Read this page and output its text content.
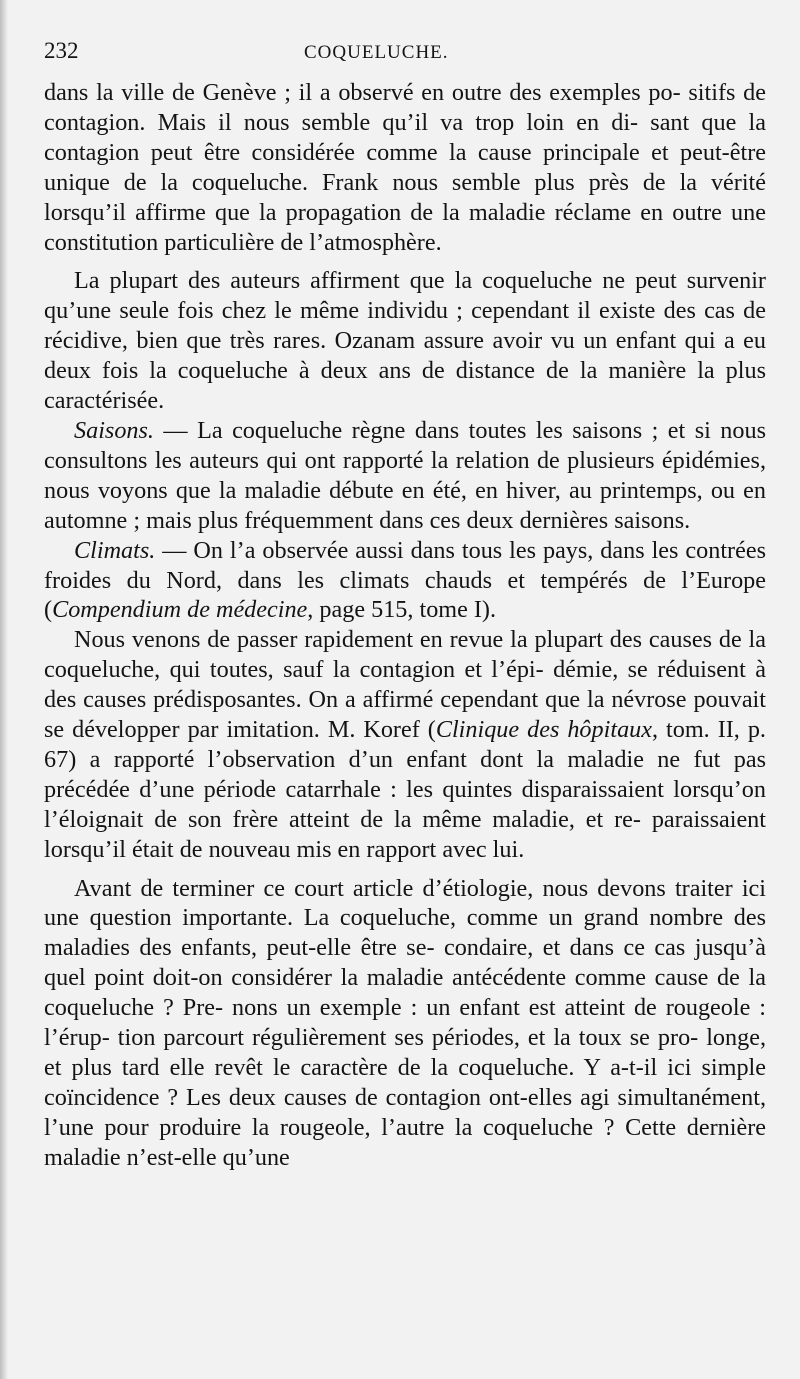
232	COQUELUCHE.

dans la ville de Genève ; il a observé en outre des exemples po- sitifs de contagion. Mais il nous semble qu’il va trop loin en di- sant que la contagion peut être considérée comme la cause principale et peut-être unique de la coqueluche. Frank nous semble plus près de la vérité lorsqu’il affirme que la propagation de la maladie réclame en outre une constitution particulière de l’atmosphère.

La plupart des auteurs affirment que la coqueluche ne peut survenir qu’une seule fois chez le même individu ; cependant il existe des cas de récidive, bien que très rares. Ozanam assure avoir vu un enfant qui a eu deux fois la coqueluche à deux ans de distance de la manière la plus caractérisée.

Saisons. — La coqueluche règne dans toutes les saisons ; et si nous consultons les auteurs qui ont rapporté la relation de plusieurs épidémies, nous voyons que la maladie débute en été, en hiver, au printemps, ou en automne ; mais plus fréquemment dans ces deux dernières saisons.

Climats. — On l’a observée aussi dans tous les pays, dans les contrées froides du Nord, dans les climats chauds et tempérés de l’Europe (Compendium de médecine, page 515, tome I).

Nous venons de passer rapidement en revue la plupart des causes de la coqueluche, qui toutes, sauf la contagion et l’épi- démie, se réduisent à des causes prédisposantes. On a affirmé cependant que la névrose pouvait se développer par imitation. M. Koref (Clinique des hôpitaux, tom. II, p. 67) a rapporté l’observation d’un enfant dont la maladie ne fut pas précédée d’une période catarrhale : les quintes disparaissaient lorsqu’on l’éloignait de son frère atteint de la même maladie, et re- paraissaient lorsqu’il était de nouveau mis en rapport avec lui.

Avant de terminer ce court article d’étiologie, nous devons traiter ici une question importante. La coqueluche, comme un grand nombre des maladies des enfants, peut-elle être se- condaire, et dans ce cas jusqu’à quel point doit-on considérer la maladie antécédente comme cause de la coqueluche ? Pre- nons un exemple : un enfant est atteint de rougeole : l’érup- tion parcourt régulièrement ses périodes, et la toux se pro- longe, et plus tard elle revêt le caractère de la coqueluche. Y a-t-il ici simple coïncidence ? Les deux causes de contagion ont-elles agi simultanément, l’une pour produire la rougeole, l’autre la coqueluche ? Cette dernière maladie n’est-elle qu’une
